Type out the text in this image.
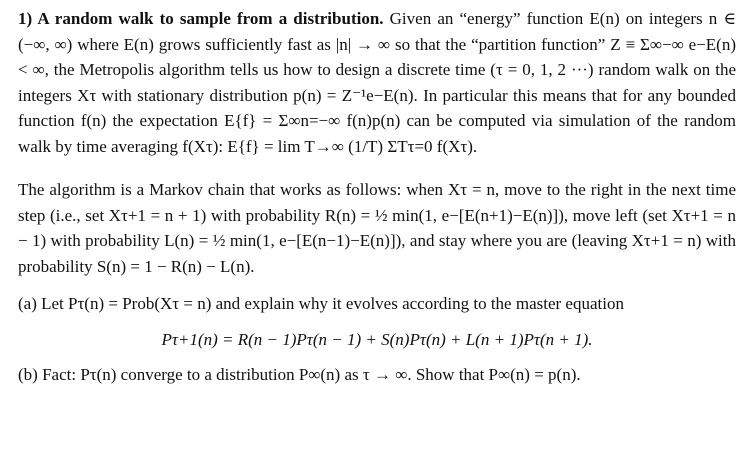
1) A random walk to sample from a distribution. Given an “energy” function E(n) on integers n ∈ (−∞, ∞) where E(n) grows sufficiently fast as |n| → ∞ so that the “partition function” Z ≡ Σ∞−∞ e−E(n) < ∞, the Metropolis algorithm tells us how to design a discrete time (τ = 0, 1, 2 ···) random walk on the integers Xτ with stationary distribution p(n) = Z⁻¹e−E(n). In particular this means that for any bounded function f(n) the expectation E{f} = Σ∞n=−∞ f(n)p(n) can be computed via simulation of the random walk by time averaging f(Xτ): E{f} = lim T→∞ (1/T) ΣTτ=0 f(Xτ).

The algorithm is a Markov chain that works as follows: when Xτ = n, move to the right in the next time step (i.e., set Xτ+1 = n + 1) with probability R(n) = ½ min(1, e−[E(n+1)−E(n)]), move left (set Xτ+1 = n − 1) with probability L(n) = ½ min(1, e−[E(n−1)−E(n)]), and stay where you are (leaving Xτ+1 = n) with probability S(n) = 1 − R(n) − L(n).

(a) Let Pτ(n) = Prob(Xτ = n) and explain why it evolves according to the master equation

Pτ+1(n) = R(n − 1)Pτ(n − 1) + S(n)Pτ(n) + L(n + 1)Pτ(n + 1).

(b) Fact: Pτ(n) converge to a distribution P∞(n) as τ → ∞. Show that P∞(n) = p(n).
